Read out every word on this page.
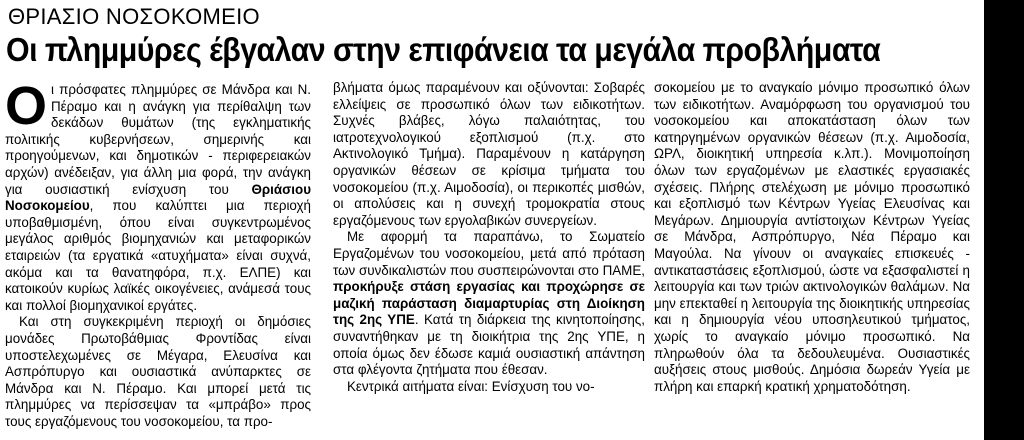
ΘΡΙΑΣΙΟ ΝΟΣΟΚΟΜΕΙΟ
Οι πλημμύρες έβγαλαν στην επιφάνεια τα μεγάλα προβλήματα

Οι πρόσφατες πλημμύρες σε Μάνδρα και Ν. Πέραμο και η ανάγκη για περίθαλψη των δεκάδων θυμάτων (της εγκληματικής πολιτικής κυβερνήσεων, σημερινής και προηγούμενων, και δημοτικών - περιφερειακών αρχών) ανέδειξαν, για άλλη μια φορά, την ανάγκη για ουσιαστική ενίσχυση του Θριάσιου Νοσοκομείου, που καλύπτει μια περιοχή υποβαθμισμένη, όπου είναι συγκεντρωμένος μεγάλος αριθμός βιομηχανιών και μεταφορικών εταιρειών (τα εργατικά «ατυχήματα» είναι συχνά, ακόμα και τα θανατηφόρα, π.χ. ΕΛΠΕ) και κατοικούν κυρίως λαϊκές οικογένειες, ανάμεσά τους και πολλοί βιομηχανικοί εργάτες.

Και στη συγκεκριμένη περιοχή οι δημόσιες μονάδες Πρωτοβάθμιας Φροντίδας είναι υποστελεχωμένες σε Μέγαρα, Ελευσίνα και Ασπρόπυργο και ουσιαστικά ανύπαρκτες σε Μάνδρα και Ν. Πέραμο. Και μπορεί μετά τις πλημμύρες να περίσσεψαν τα «μπράβο» προς τους εργαζόμενους του νοσοκομείου, τα προ-

βλήματα όμως παραμένουν και οξύνονται: Σοβαρές ελλείψεις σε προσωπικό όλων των ειδικοτήτων. Συχνές βλάβες, λόγω παλαιότητας, του ιατροτεχνολογικού εξοπλισμού (π.χ. στο Ακτινολογικό Τμήμα). Παραμένουν η κατάργηση οργανικών θέσεων σε κρίσιμα τμήματα του νοσοκομείου (π.χ. Αιμοδοσία), οι περικοπές μισθών, οι απολύσεις και η συνεχή τρομοκρατία στους εργαζόμενους των εργολαβικών συνεργείων.

Με αφορμή τα παραπάνω, το Σωματείο Εργαζομένων του νοσοκομείου, μετά από πρόταση των συνδικαλιστών που συσπειρώνονται στο ΠΑΜΕ, προκήρυξε στάση εργασίας και προχώρησε σε μαζική παράσταση διαμαρτυρίας στη Διοίκηση της 2ης ΥΠΕ. Κατά τη διάρκεια της κινητοποίησης, συναντήθηκαν με τη διοικήτρια της 2ης ΥΠΕ, η οποία όμως δεν έδωσε καμιά ουσιαστική απάντηση στα φλέγοντα ζητήματα που έθεσαν.

Κεντρικά αιτήματα είναι: Ενίσχυση του νο-

σοκομείου με το αναγκαίο μόνιμο προσωπικό όλων των ειδικοτήτων. Αναμόρφωση του οργανισμού του νοσοκομείου και αποκατάσταση όλων των κατηργημένων οργανικών θέσεων (π.χ. Αιμοδοσία, ΩΡΛ, διοικητική υπηρεσία κ.λπ.). Μονιμοποίηση όλων των εργαζομένων με ελαστικές εργασιακές σχέσεις. Πλήρης στελέχωση με μόνιμο προσωπικό και εξοπλισμό των Κέντρων Υγείας Ελευσίνας και Μεγάρων. Δημιουργία αντίστοιχων Κέντρων Υγείας σε Μάνδρα, Ασπρόπυργο, Νέα Πέραμο και Μαγούλα. Να γίνουν οι αναγκαίες επισκευές - αντικαταστάσεις εξοπλισμού, ώστε να εξασφαλιστεί η λειτουργία και των τριών ακτινολογικών θαλάμων. Να μην επεκταθεί η λειτουργία της διοικητικής υπηρεσίας και η δημιουργία νέου υποσηλευτικού τμήματος, χωρίς το αναγκαίο μόνιμο προσωπικό. Να πληρωθούν όλα τα δεδουλευμένα. Ουσιαστικές αυξήσεις στους μισθούς. Δημόσια δωρεάν Υγεία με πλήρη και επαρκή κρατική χρηματοδότηση.
